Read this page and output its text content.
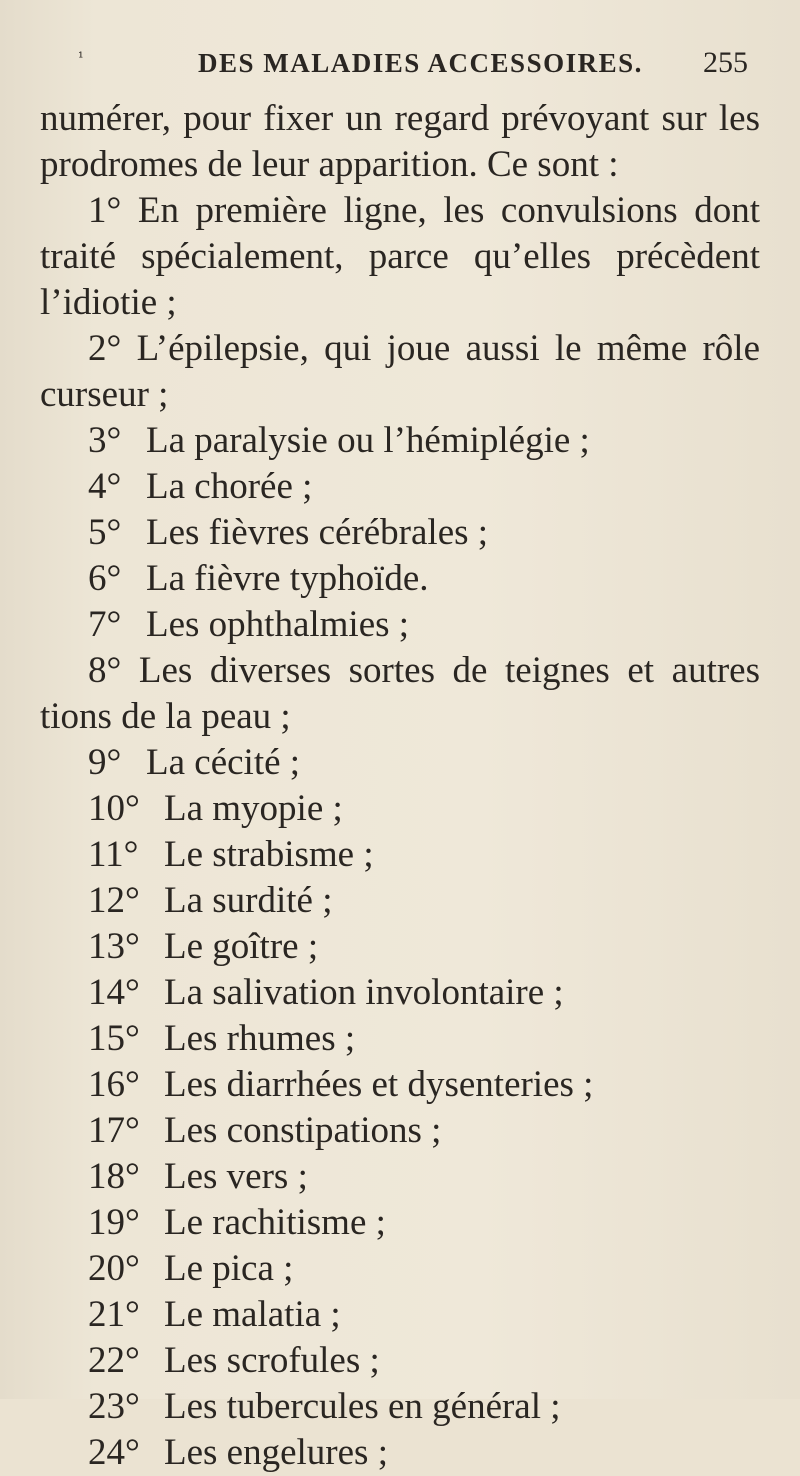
¹	DES MALADIES ACCESSOIRES. 255
numérer, pour fixer un regard prévoyant sur les
prodromes de leur apparition. Ce sont :
1° En première ligne, les convulsions dont
traité spécialement, parce qu’elles précèdent
l’idiotie ;
2° L’épilepsie, qui joue aussi le même rôle
curseur ;
3° La paralysie ou l’hémiplégie ;
4° La chorée ;
5° Les fièvres cérébrales ;
6° La fièvre typhoïde.
7° Les ophthalmies ;
8° Les diverses sortes de teignes et autres
tions de la peau ;
9° La cécité ;
10° La myopie ;
11° Le strabisme ;
12° La surdité ;
13° Le goître ;
14° La salivation involontaire ;
15° Les rhumes ;
16° Les diarrhées et dysenteries ;
17° Les constipations ;
18° Les vers ;
19° Le rachitisme ;
20° Le pica ;
21° Le malatia ;
22° Les scrofules ;
23° Les tubercules en général ;
24° Les engelures ;
